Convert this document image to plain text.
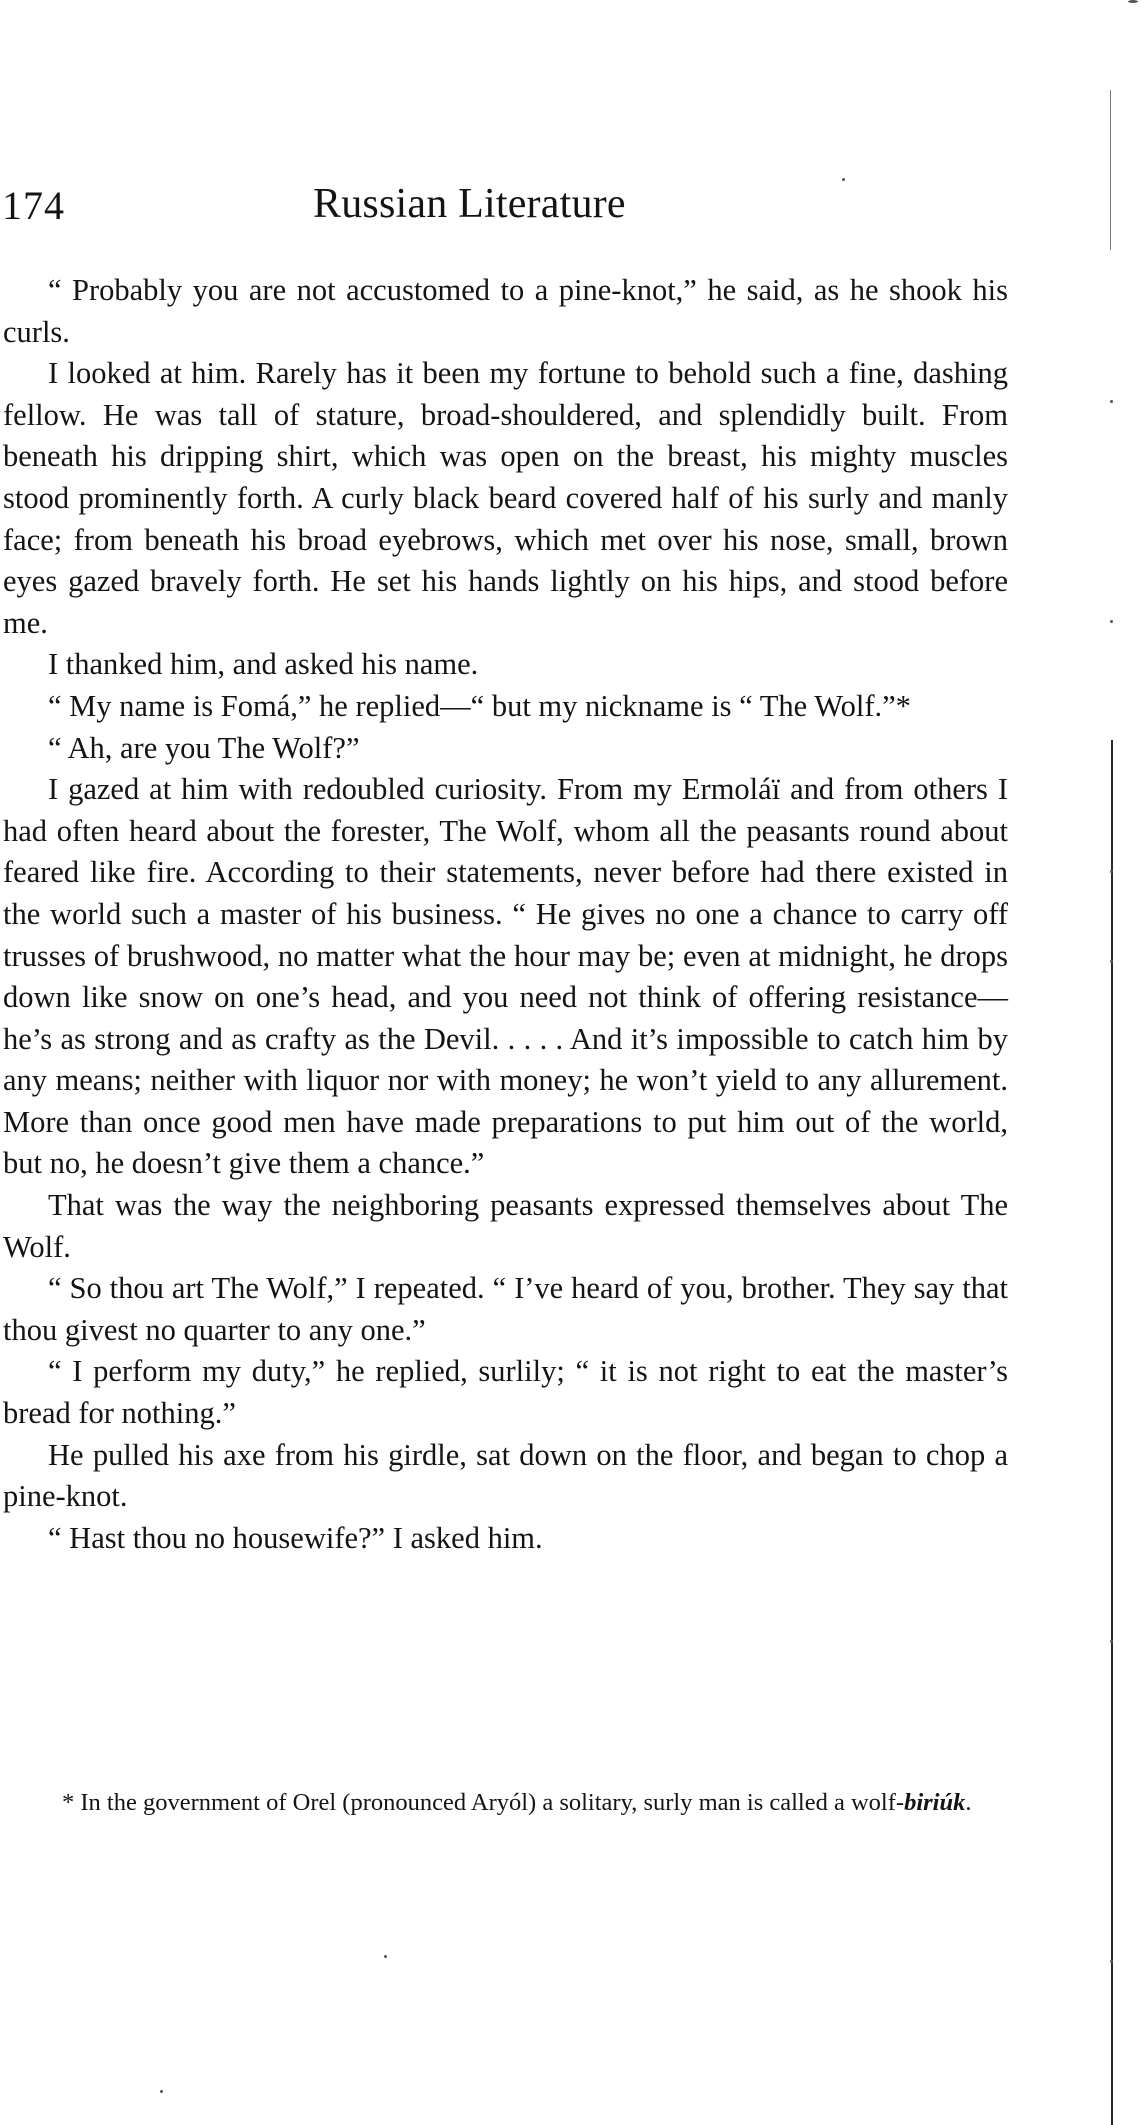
174	Russian Literature

“ Probably you are not accustomed to a pine-knot,” he said, as he shook his curls.

I looked at him. Rarely has it been my fortune to behold such a fine, dashing fellow. He was tall of stature, broad-shouldered, and splendidly built. From beneath his dripping shirt, which was open on the breast, his mighty muscles stood prominently forth. A curly black beard covered half of his surly and manly face; from beneath his broad eyebrows, which met over his nose, small, brown eyes gazed bravely forth. He set his hands lightly on his hips, and stood before me.

I thanked him, and asked his name.

“ My name is Fomá,” he replied—“ but my nickname is “ The Wolf.”*

“ Ah, are you The Wolf?”

I gazed at him with redoubled curiosity. From my Ermoláï and from others I had often heard about the forester, The Wolf, whom all the peasants round about feared like fire. According to their statements, never before had there existed in the world such a master of his business. “ He gives no one a chance to carry off trusses of brushwood, no matter what the hour may be; even at midnight, he drops down like snow on one’s head, and you need not think of offering resistance—he’s as strong and as crafty as the Devil. . . . . And it’s impossible to catch him by any means; neither with liquor nor with money; he won’t yield to any allurement. More than once good men have made preparations to put him out of the world, but no, he doesn’t give them a chance.”

That was the way the neighboring peasants expressed themselves about The Wolf.

“ So thou art The Wolf,” I repeated. “ I’ve heard of you, brother. They say that thou givest no quarter to any one.”

“ I perform my duty,” he replied, surlily; “ it is not right to eat the master’s bread for nothing.”

He pulled his axe from his girdle, sat down on the floor, and began to chop a pine-knot.

“ Hast thou no housewife?” I asked him.

* In the government of Orel (pronounced Aryól) a solitary, surly man is called a wolf-biriúk.
